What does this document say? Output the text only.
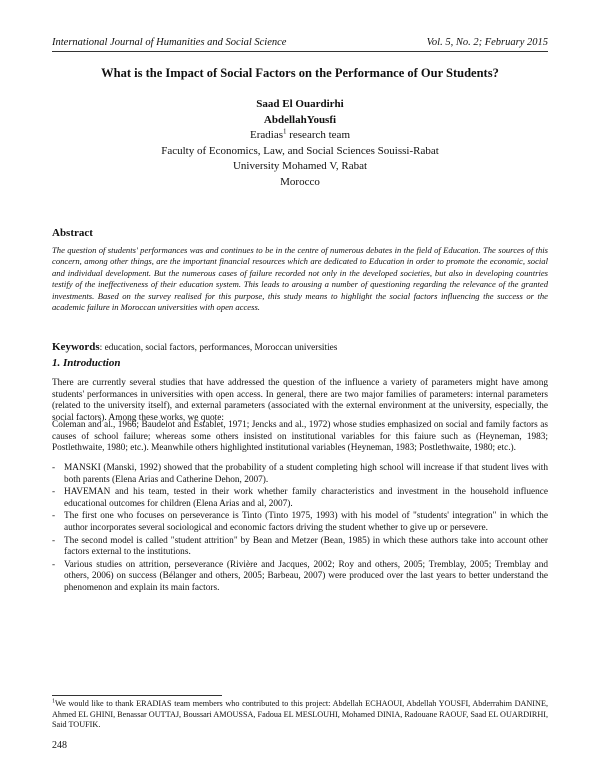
International Journal of Humanities and Social Science	Vol. 5, No. 2; February 2015
What is the Impact of Social Factors on the Performance of Our Students?
Saad El Ouardirhi
AbdellahYousfi
Eradias$^1$ research team
Faculty of Economics, Law, and Social Sciences Souissi-Rabat
University Mohamed V, Rabat
Morocco
Abstract
The question of students' performances was and continues to be in the centre of numerous debates in the field of Education. The sources of this concern, among other things, are the important financial resources which are dedicated to Education in order to promote the economic, social and individual development. But the numerous cases of failure recorded not only in the developed societies, but also in developing countries testify of the ineffectiveness of their education system. This leads to arousing a number of questioning regarding the relevance of the granted investments. Based on the survey realised for this purpose, this study means to highlight the social factors influencing the success or the academic failure in Moroccan universities with open access.
Keywords: education, social factors, performances, Moroccan universities
1. Introduction
There are currently several studies that have addressed the question of the influence a variety of parameters might have among students' performances in universities with open access. In general, there are two major families of parameters: internal parameters (related to the university itself), and external parameters (associated with the external environment at the university, especially, the social factors). Among these works, we quote:
Coleman and al., 1966; Baudelot and Establet, 1971; Jencks and al., 1972) whose studies emphasized on social and family factors as causes of school failure; whereas some others insisted on institutional variables for this faiure such as (Heyneman, 1983; Postlethwaite, 1980; etc.). Meanwhile others highlighted institutional variables (Heyneman, 1983; Postlethwaite, 1980; etc.).
- MANSKI (Manski, 1992) showed that the probability of a student completing high school will increase if that student lives with both parents (Elena Arias and Catherine Dehon, 2007).
- HAVEMAN and his team, tested in their work whether family characteristics and investment in the household influence educational outcomes for children (Elena Arias and al, 2007).
- The first one who focuses on perseverance is Tinto (Tinto 1975, 1993) with his model of "students' integration" in which the author incorporates several sociological and economic factors driving the student whether to give up or persevere.
- The second model is called "student attrition" by Bean and Metzer (Bean, 1985) in which these authors take into account other factors external to the institutions.
- Various studies on attrition, perseverance (Rivière and Jacques, 2002; Roy and others, 2005; Tremblay, 2005; Tremblay and others, 2006) on success (Bélanger and others, 2005; Barbeau, 2007) were produced over the last years to better understand the phenomenon and explain its main factors.
$^1$We would like to thank ERADIAS team members who contributed to this project: Abdellah ECHAOUI, Abdellah YOUSFI, Abderrahim DANINE, Ahmed EL GHINI, Benassar OUTTAJ, Boussari AMOUSSA, Fadoua EL MESLOUHI, Mohamed DINIA, Radouane RAOUF, Saad EL OUARDIRHI, Said TOUFIK.
248
